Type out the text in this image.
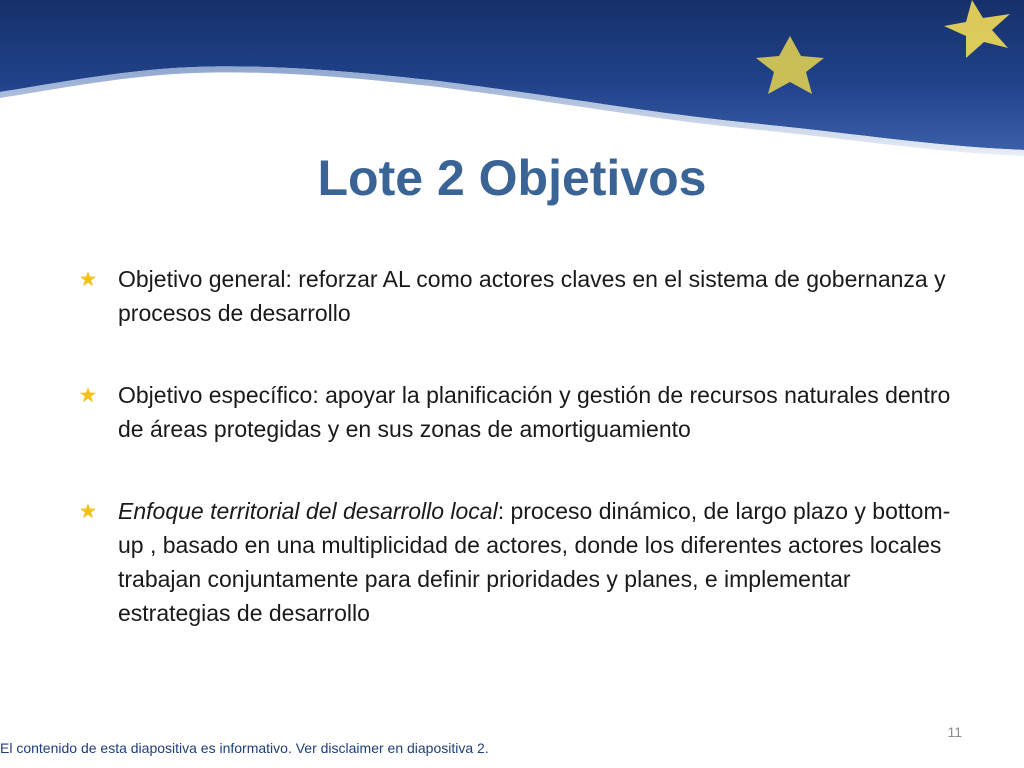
Lote 2 Objetivos
Objetivo general: reforzar AL como actores claves en el sistema de gobernanza y procesos de desarrollo
Objetivo específico: apoyar la planificación y gestión de recursos naturales dentro de áreas protegidas y en sus zonas de amortiguamiento
Enfoque territorial del desarrollo local: proceso dinámico, de largo plazo y bottom-up , basado en una multiplicidad de actores, donde los diferentes actores locales trabajan conjuntamente para definir prioridades y planes, e implementar estrategias de desarrollo
11
El contenido de esta diapositiva es informativo. Ver disclaimer en diapositiva 2.
